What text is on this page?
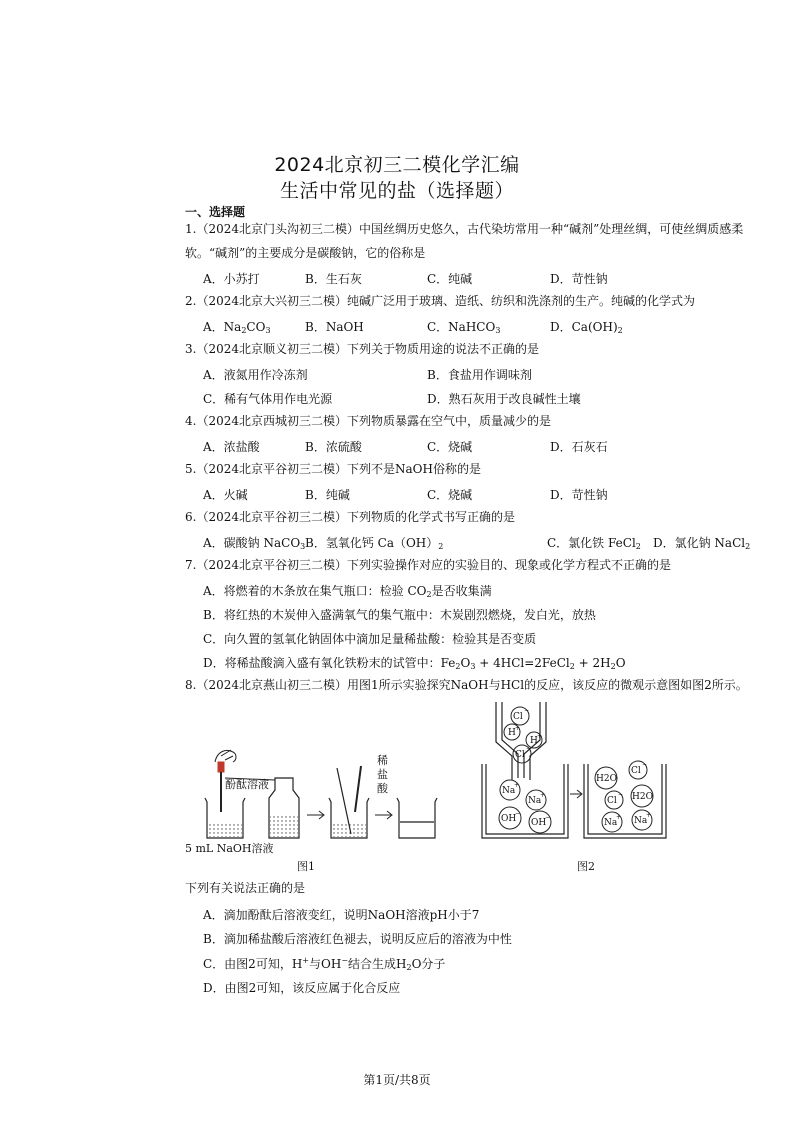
2024北京初三二模化学汇编
生活中常见的盐（选择题）
一、选择题
1.（2024北京门头沟初三二模）中国丝绸历史悠久，古代染坊常用一种“碱剂”处理丝绸，可使丝绸质感柔
软。“碱剂”的主要成分是碳酸钠，它的俗称是
A．小苏打	B．生石灰	C．纯碱	D．苛性钠
2.（2024北京大兴初三二模）纯碱广泛用于玻璃、造纸、纺织和洗涤剂的生产。纯碱的化学式为
A．$Na_2CO_3$	B．NaOH	C．NaHCO$_3$	D．$Ca(OH)_2$
3.（2024北京顺义初三二模）下列关于物质用途的说法不正确的是
A．液氮用作冷冻剂	B．食盐用作调味剂
C．稀有气体用作电光源	D．熟石灰用于改良碱性土壤
4.（2024北京西城初三二模）下列物质暴露在空气中，质量减少的是
A．浓盐酸	B．浓硫酸	C．烧碱	D．石灰石
5.（2024北京平谷初三二模）下列不是NaOH俗称的是
A．火碱	B．纯碱	C．烧碱	D．苛性钠
6.（2024北京平谷初三二模）下列物质的化学式书写正确的是
A．碳酸钠 NaCO$_3$ B．氢氧化钙 $Ca(OH)_2$	C．氯化铁 FeCl$_2$ D．氯化钠 NaCl$_2$
7.（2024北京平谷初三二模）下列实验操作对应的实验目的、现象或化学方程式不正确的是
A．将燃着的木条放在集气瓶口：检验 $CO_2$是否收集满
B．将红热的木炭伸入盛满氧气的集气瓶中：木炭剧烈燃烧，发白光，放热
C．向久置的氢氧化钠固体中滴加足量稀盐酸：检验其是否变质
D．将稀盐酸滴入盛有氧化铁粉末的试管中：$Fe_2O_3$ + 4HCl=2FeCl$_2$ + $2H_2O$
8.（2024北京燕山初三二模）用图1所示实验探究NaOH与HCl的反应，该反应的微观示意图如图2所示。
酚酞溶液
稀
盐
酸
5 mL NaOH溶液
图1
Cl
−
H +
H +
Cl
−
Na
+
Na
+
OH
−
OH
−
H2O
Cl
−
H2O
Cl
−
Na
+ Na
+
图2
下列有关说法正确的是
A．滴加酚酞后溶液变红，说明NaOH溶液pH小于7
B．滴加稀盐酸后溶液红色褪去，说明反应后的溶液为中性
C．由图2可知，H+与OH−结合生成$H_2O$分子
D．由图2可知，该反应属于化合反应
第1页/共8页
